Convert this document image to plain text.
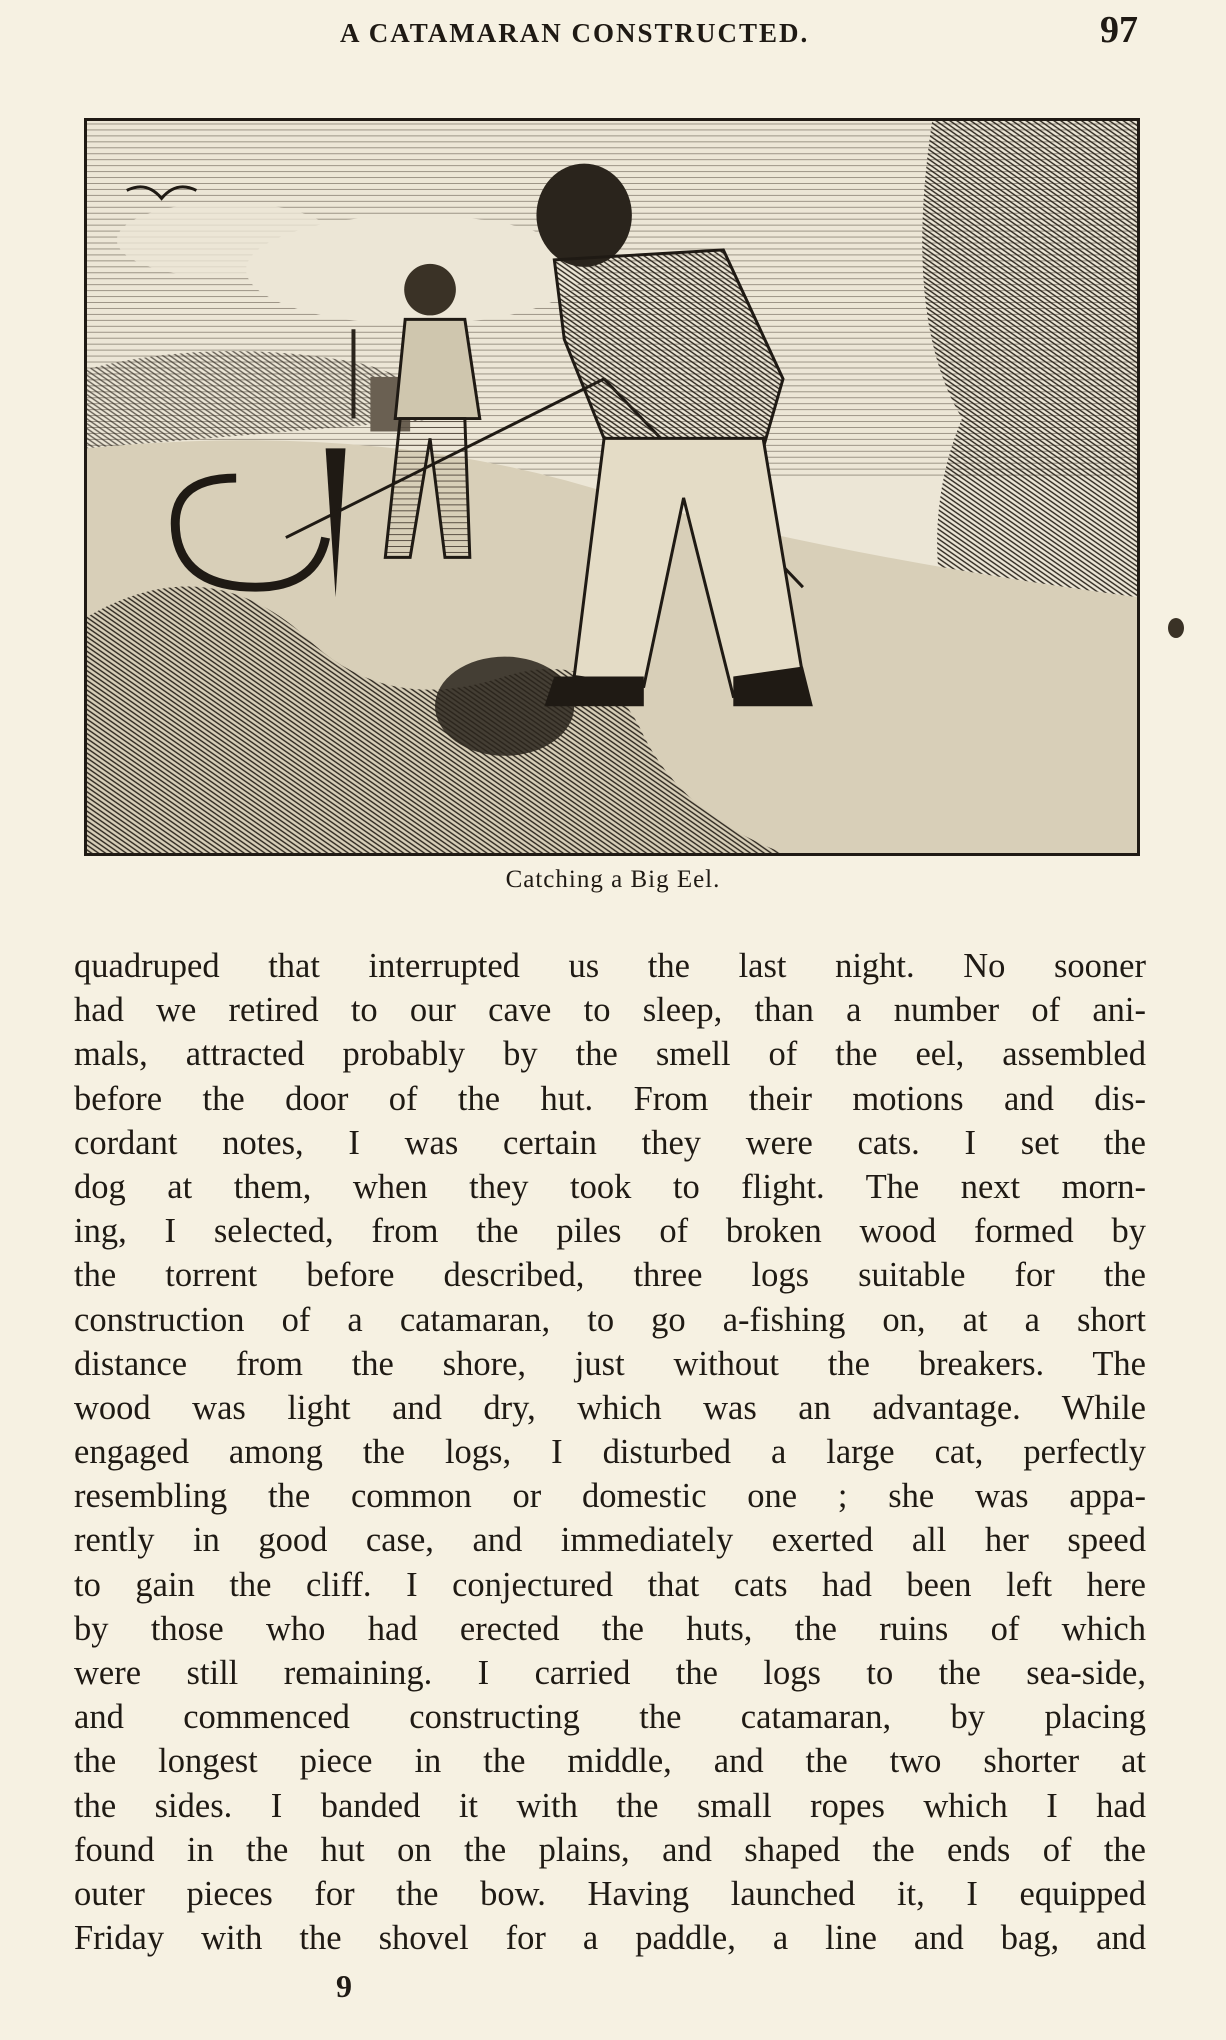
A CATAMARAN CONSTRUCTED.	97
Catching a Big Eel.
quadruped that interrupted us the last night. No sooner
had we retired to our cave to sleep, than a number of ani-
mals, attracted probably by the smell of the eel, assembled
before the door of the hut. From their motions and dis-
cordant notes, I was certain they were cats. I set the
dog at them, when they took to flight. The next morn-
ing, I selected, from the piles of broken wood formed by
the torrent before described, three logs suitable for the
construction of a catamaran, to go a-fishing on, at a short
distance from the shore, just without the breakers. The
wood was light and dry, which was an advantage. While
engaged among the logs, I disturbed a large cat, perfectly
resembling the common or domestic one ; she was appa-
rently in good case, and immediately exerted all her speed
to gain the cliff. I conjectured that cats had been left here
by those who had erected the huts, the ruins of which
were still remaining. I carried the logs to the sea-side,
and commenced constructing the catamaran, by placing
the longest piece in the middle, and the two shorter at
the sides. I banded it with the small ropes which I had
found in the hut on the plains, and shaped the ends of the
outer pieces for the bow. Having launched it, I equipped
Friday with the shovel for a paddle, a line and bag, and
9
